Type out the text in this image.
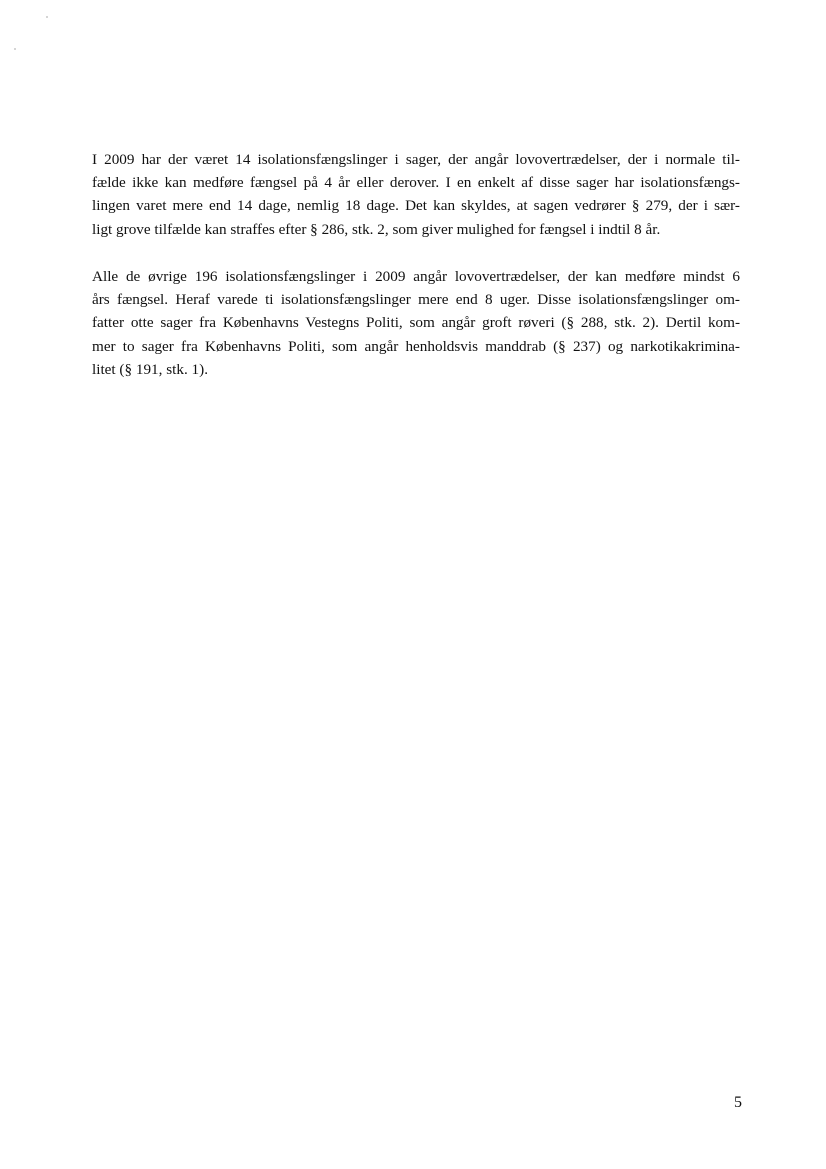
I 2009 har der været 14 isolationsfængslinger i sager, der angår lovovertrædelser, der i normale til-
fælde ikke kan medføre fængsel på 4 år eller derover. I en enkelt af disse sager har isolationsfængs-
lingen varet mere end 14 dage, nemlig 18 dage. Det kan skyldes, at sagen vedrører § 279, der i sær-
ligt grove tilfælde kan straffes efter § 286, stk. 2, som giver mulighed for fængsel i indtil 8 år.
Alle de øvrige 196 isolationsfængslinger i 2009 angår lovovertrædelser, der kan medføre mindst 6
års fængsel. Heraf varede ti isolationsfængslinger mere end 8 uger. Disse isolationsfængslinger om-
fatter otte sager fra Københavns Vestegns Politi, som angår groft røveri (§ 288, stk. 2). Dertil kom-
mer to sager fra Københavns Politi, som angår henholdsvis manddrab (§ 237) og narkotikakrimina-
litet (§ 191, stk. 1).
5
